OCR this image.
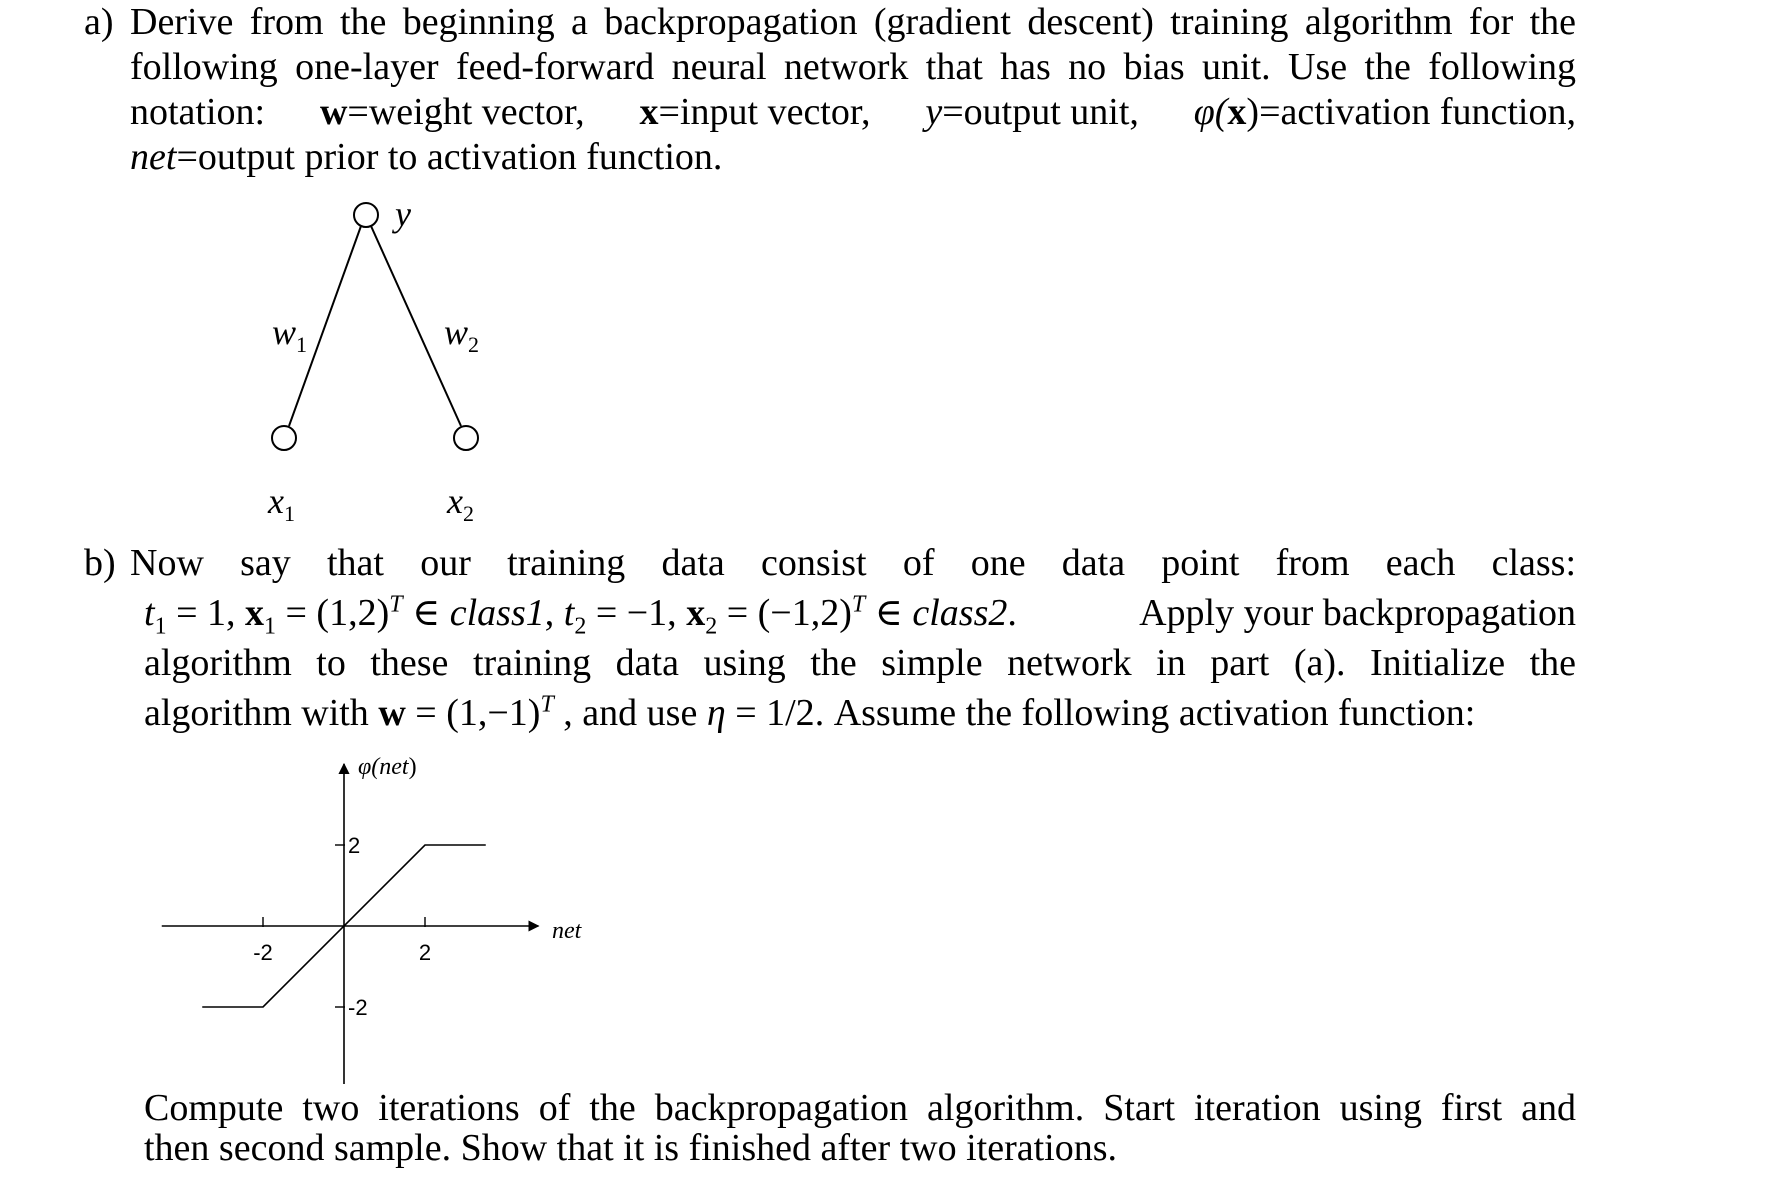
a) Derive from the beginning a backpropagation (gradient descent) training algorithm for the
following one-layer feed-forward neural network that has no bias unit. Use the following
notation: w=weight vector, x=input vector, y=output unit, φ(x)=activation function,
net=output prior to activation function.
y
$w_1$	$w_2$
$x_1$	$x_2$
b) Now say that our training data consist of one data point from each class:
$t_1 = 1$, $x_1 = (1,2)^T$ ∈ class1, $t_2 = -1$, $x_2 = (-1,2)^T$ ∈ class2.	Apply your backpropagation
algorithm to these training data using the simple network in part (a). Initialize the
algorithm with $w = (1,-1)^T$ , and use η = 1/2. Assume the following activation function:
-2	2
2
-2
φ(net)
net
Compute two iterations of the backpropagation algorithm. Start iteration using first and
then second sample. Show that it is finished after two iterations.
